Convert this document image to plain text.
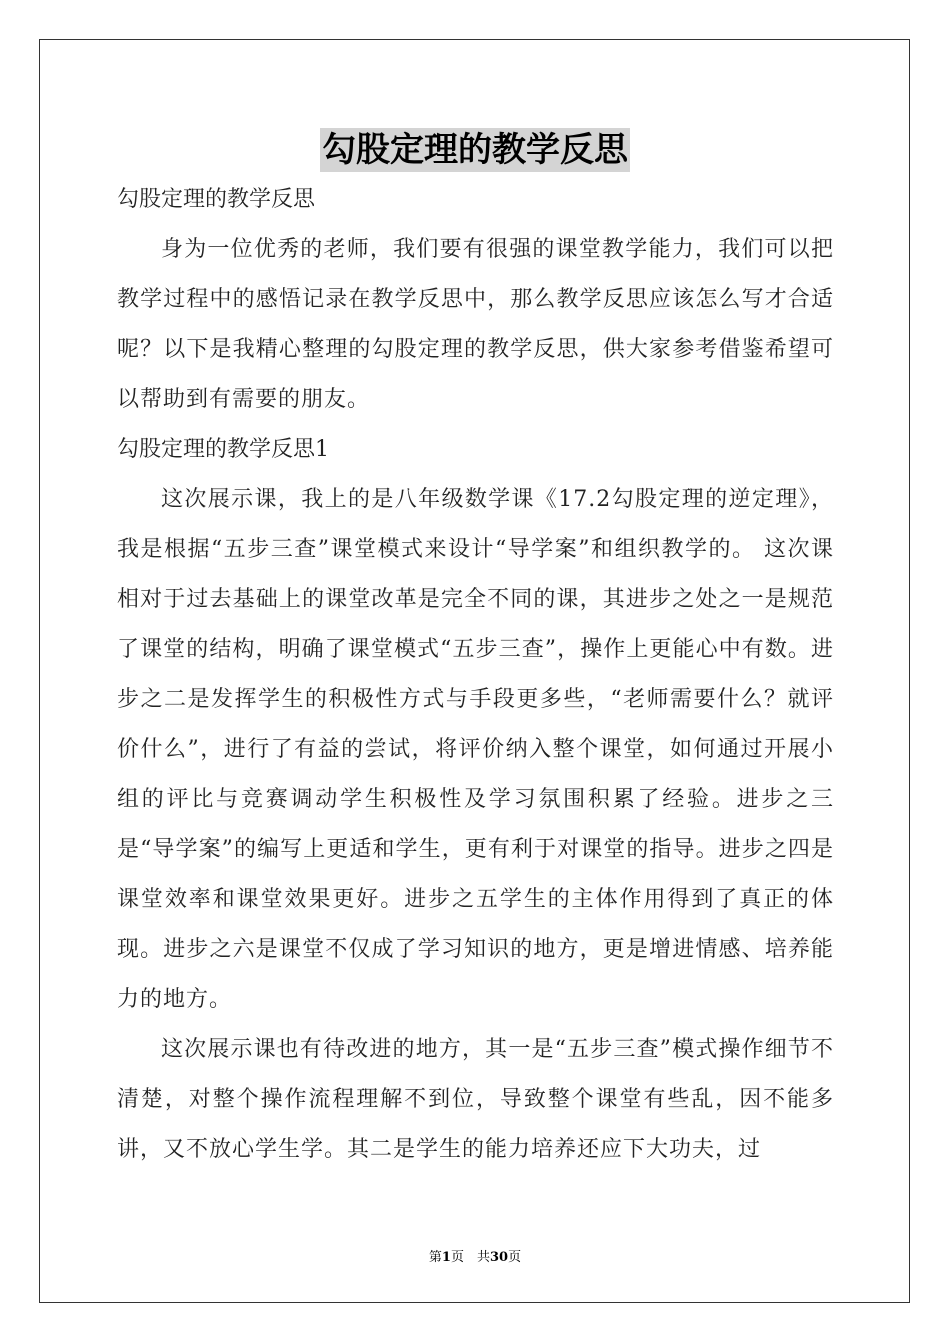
勾股定理的教学反思

勾股定理的教学反思

身为一位优秀的老师，我们要有很强的课堂教学能力，我们可以把教学过程中的感悟记录在教学反思中，那么教学反思应该怎么写才合适呢？以下是我精心整理的勾股定理的教学反思，供大家参考借鉴希望可以帮助到有需要的朋友。

勾股定理的教学反思1

这次展示课，我上的是八年级数学课《17.2勾股定理的逆定理》，我是根据“五步三查”课堂模式来设计“导学案”和组织教学的。 这次课相对于过去基础上的课堂改革是完全不同的课，其进步之处之一是规范了课堂的结构，明确了课堂模式“五步三查”，操作上更能心中有数。进步之二是发挥学生的积极性方式与手段更多些，“老师需要什么？就评价什么”，进行了有益的尝试，将评价纳入整个课堂，如何通过开展小组的评比与竞赛调动学生积极性及学习氛围积累了经验。进步之三是“导学案”的编写上更适和学生，更有利于对课堂的指导。进步之四是课堂效率和课堂效果更好。进步之五学生的主体作用得到了真正的体现。进步之六是课堂不仅成了学习知识的地方，更是增进情感、培养能力的地方。

这次展示课也有待改进的地方，其一是“五步三查”模式操作细节不清楚，对整个操作流程理解不到位，导致整个课堂有些乱，因不能多讲，又不放心学生学。其二是学生的能力培养还应下大功夫，过

第1页　共30页
